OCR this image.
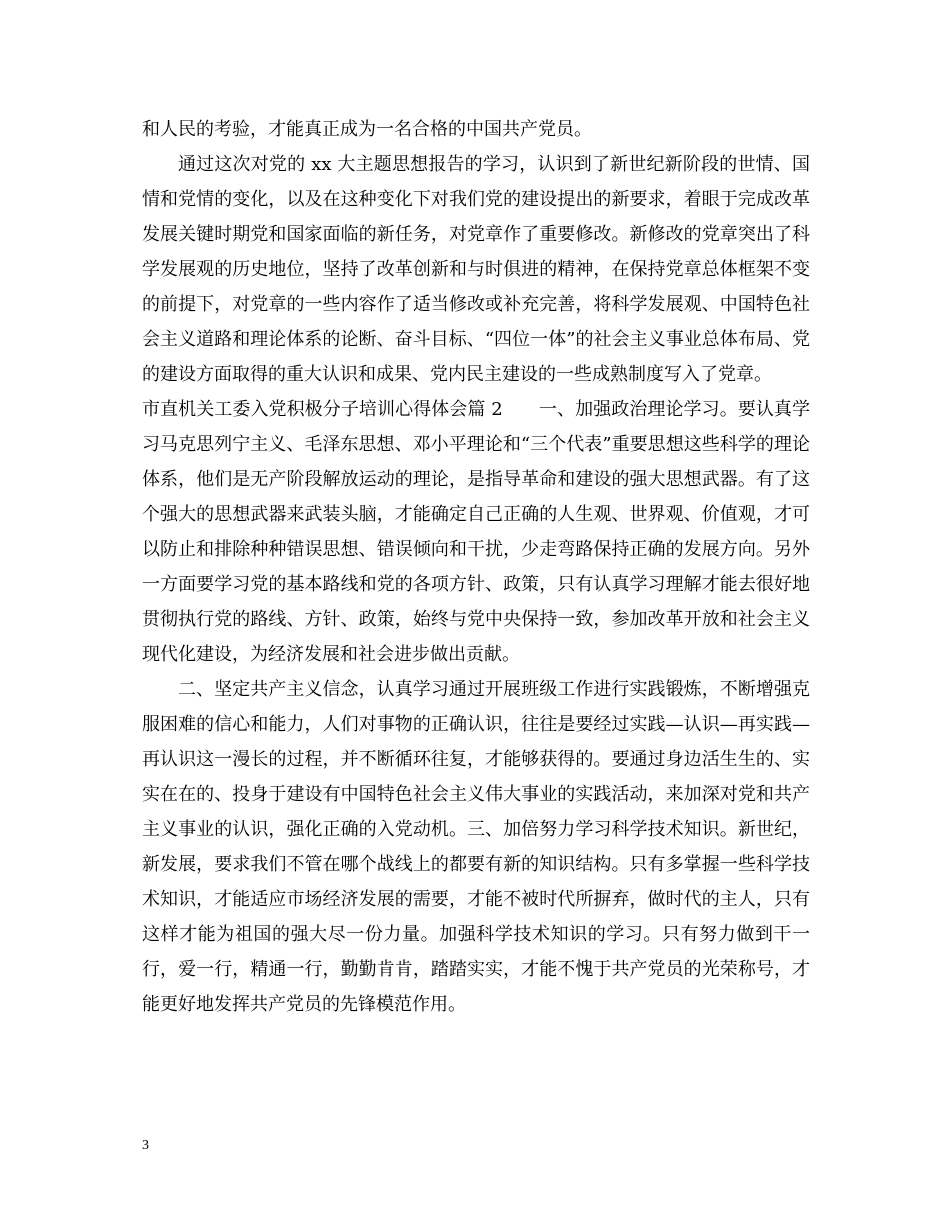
和人民的考验，才能真正成为一名合格的中国共产党员。

通过这次对党的 xx 大主题思想报告的学习，认识到了新世纪新阶段的世情、国情和党情的变化，以及在这种变化下对我们党的建设提出的新要求，着眼于完成改革发展关键时期党和国家面临的新任务，对党章作了重要修改。新修改的党章突出了科学发展观的历史地位，坚持了改革创新和与时俱进的精神，在保持党章总体框架不变的前提下，对党章的一些内容作了适当修改或补充完善，将科学发展观、中国特色社会主义道路和理论体系的论断、奋斗目标、“四位一体”的社会主义事业总体布局、党的建设方面取得的重大认识和成果、党内民主建设的一些成熟制度写入了党章。

市直机关工委入党积极分子培训心得体会篇 2　　一、加强政治理论学习。要认真学习马克思列宁主义、毛泽东思想、邓小平理论和“三个代表”重要思想这些科学的理论体系，他们是无产阶段解放运动的理论，是指导革命和建设的强大思想武器。有了这个强大的思想武器来武装头脑，才能确定自己正确的人生观、世界观、价值观，才可以防止和排除种种错误思想、错误倾向和干扰，少走弯路保持正确的发展方向。另外一方面要学习党的基本路线和党的各项方针、政策，只有认真学习理解才能去很好地贯彻执行党的路线、方针、政策，始终与党中央保持一致，参加改革开放和社会主义现代化建设，为经济发展和社会进步做出贡献。

二、坚定共产主义信念，认真学习通过开展班级工作进行实践锻炼，不断增强克服困难的信心和能力，人们对事物的正确认识，往往是要经过实践—认识—再实践—再认识这一漫长的过程，并不断循环往复，才能够获得的。要通过身边活生生的、实实在在的、投身于建设有中国特色社会主义伟大事业的实践活动，来加深对党和共产主义事业的认识，强化正确的入党动机。三、加倍努力学习科学技术知识。新世纪，新发展，要求我们不管在哪个战线上的都要有新的知识结构。只有多掌握一些科学技术知识，才能适应市场经济发展的需要，才能不被时代所摒弃，做时代的主人，只有这样才能为祖国的强大尽一份力量。加强科学技术知识的学习。只有努力做到干一行，爱一行，精通一行，勤勤肯肯，踏踏实实，才能不愧于共产党员的光荣称号，才能更好地发挥共产党员的先锋模范作用。

3
